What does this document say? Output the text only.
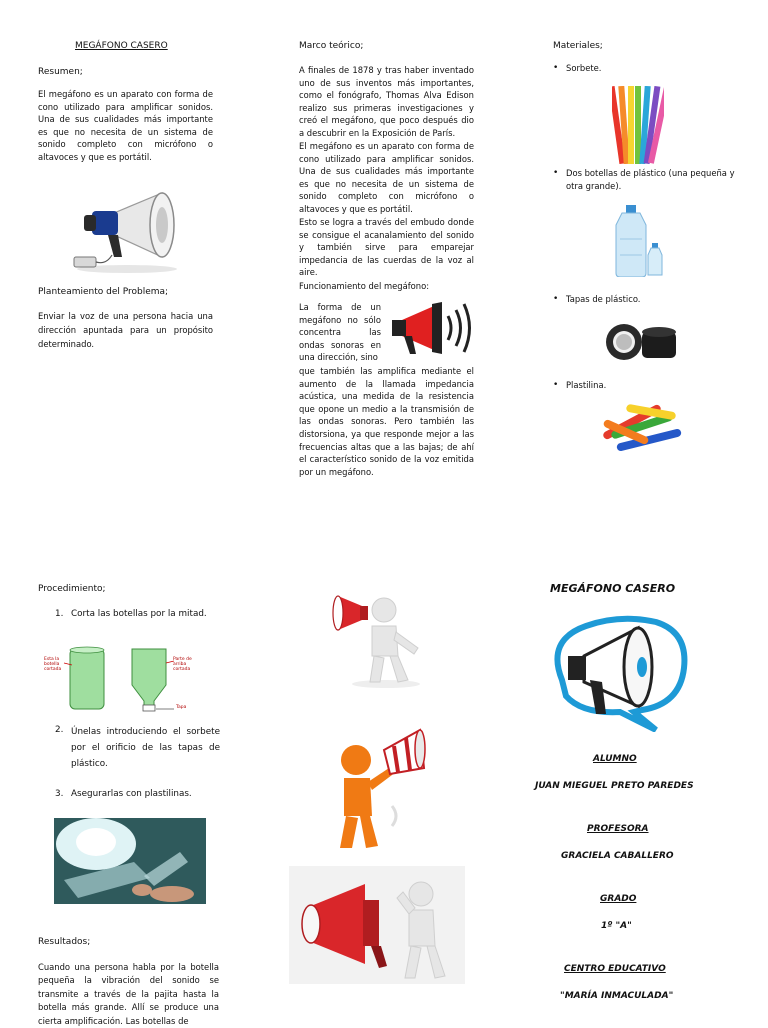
MEGÁFONO CASERO
Resumen;
El megáfono es un aparato con forma de cono utilizado para amplificar sonidos. Una de sus cualidades más importante es que no necesita de un sistema de sonido completo con micrófono o altavoces y que es portátil.
Planteamiento del Problema;
Enviar la voz de una persona hacia una dirección apuntada para un propósito determinado.
Marco teórico;
A finales de 1878 y tras haber inventado uno de sus inventos más importantes, como el fonógrafo, Thomas Alva Edison realizo sus primeras investigaciones y creó el megáfono, que poco después dio a descubrir en la Exposición de París.
El megáfono es un aparato con forma de cono utilizado para amplificar sonidos. Una de sus cualidades más importante es que no necesita de un sistema de sonido completo con micrófono o altavoces y que es portátil.
Esto se logra a través del embudo donde se consigue el acanalamiento del sonido y también sirve para emparejar impedancia de las cuerdas de la voz al aire.
Funcionamiento del megáfono:
La forma de un megáfono no sólo concentra las ondas sonoras en una dirección, sino
que también las amplifica mediante el aumento de la llamada impedancia acústica, una medida de la resistencia que opone un medio a la transmisión de las ondas sonoras. Pero también las distorsiona, ya que responde mejor a las frecuencias altas que a las bajas; de ahí el característico sonido de la voz emitida por un megáfono.
Materiales;
• Sorbete.
• Dos botellas de plástico (una pequeña y otra grande).
• Tapas de plástico.
• Plastilina.
Procedimiento;
1. Corta las botellas por la mitad.
Esta la botella cortada
Parte de arriba cortada
Tapa
2. Únelas introduciendo el sorbete por el orificio de las tapas de plástico.
3. Asegurarlas con plastilinas.
Resultados;
Cuando una persona habla por la botella pequeña la vibración del sonido se transmite a través de la pajita hasta la botella más grande. Allí se produce una cierta amplificación. Las botellas de
MEGÁFONO CASERO
ALUMNO
JUAN MIEGUEL PRETO PAREDES
PROFESORA
GRACIELA CABALLERO
GRADO
1º "A"
CENTRO EDUCATIVO
"MARÍA INMACULADA"
